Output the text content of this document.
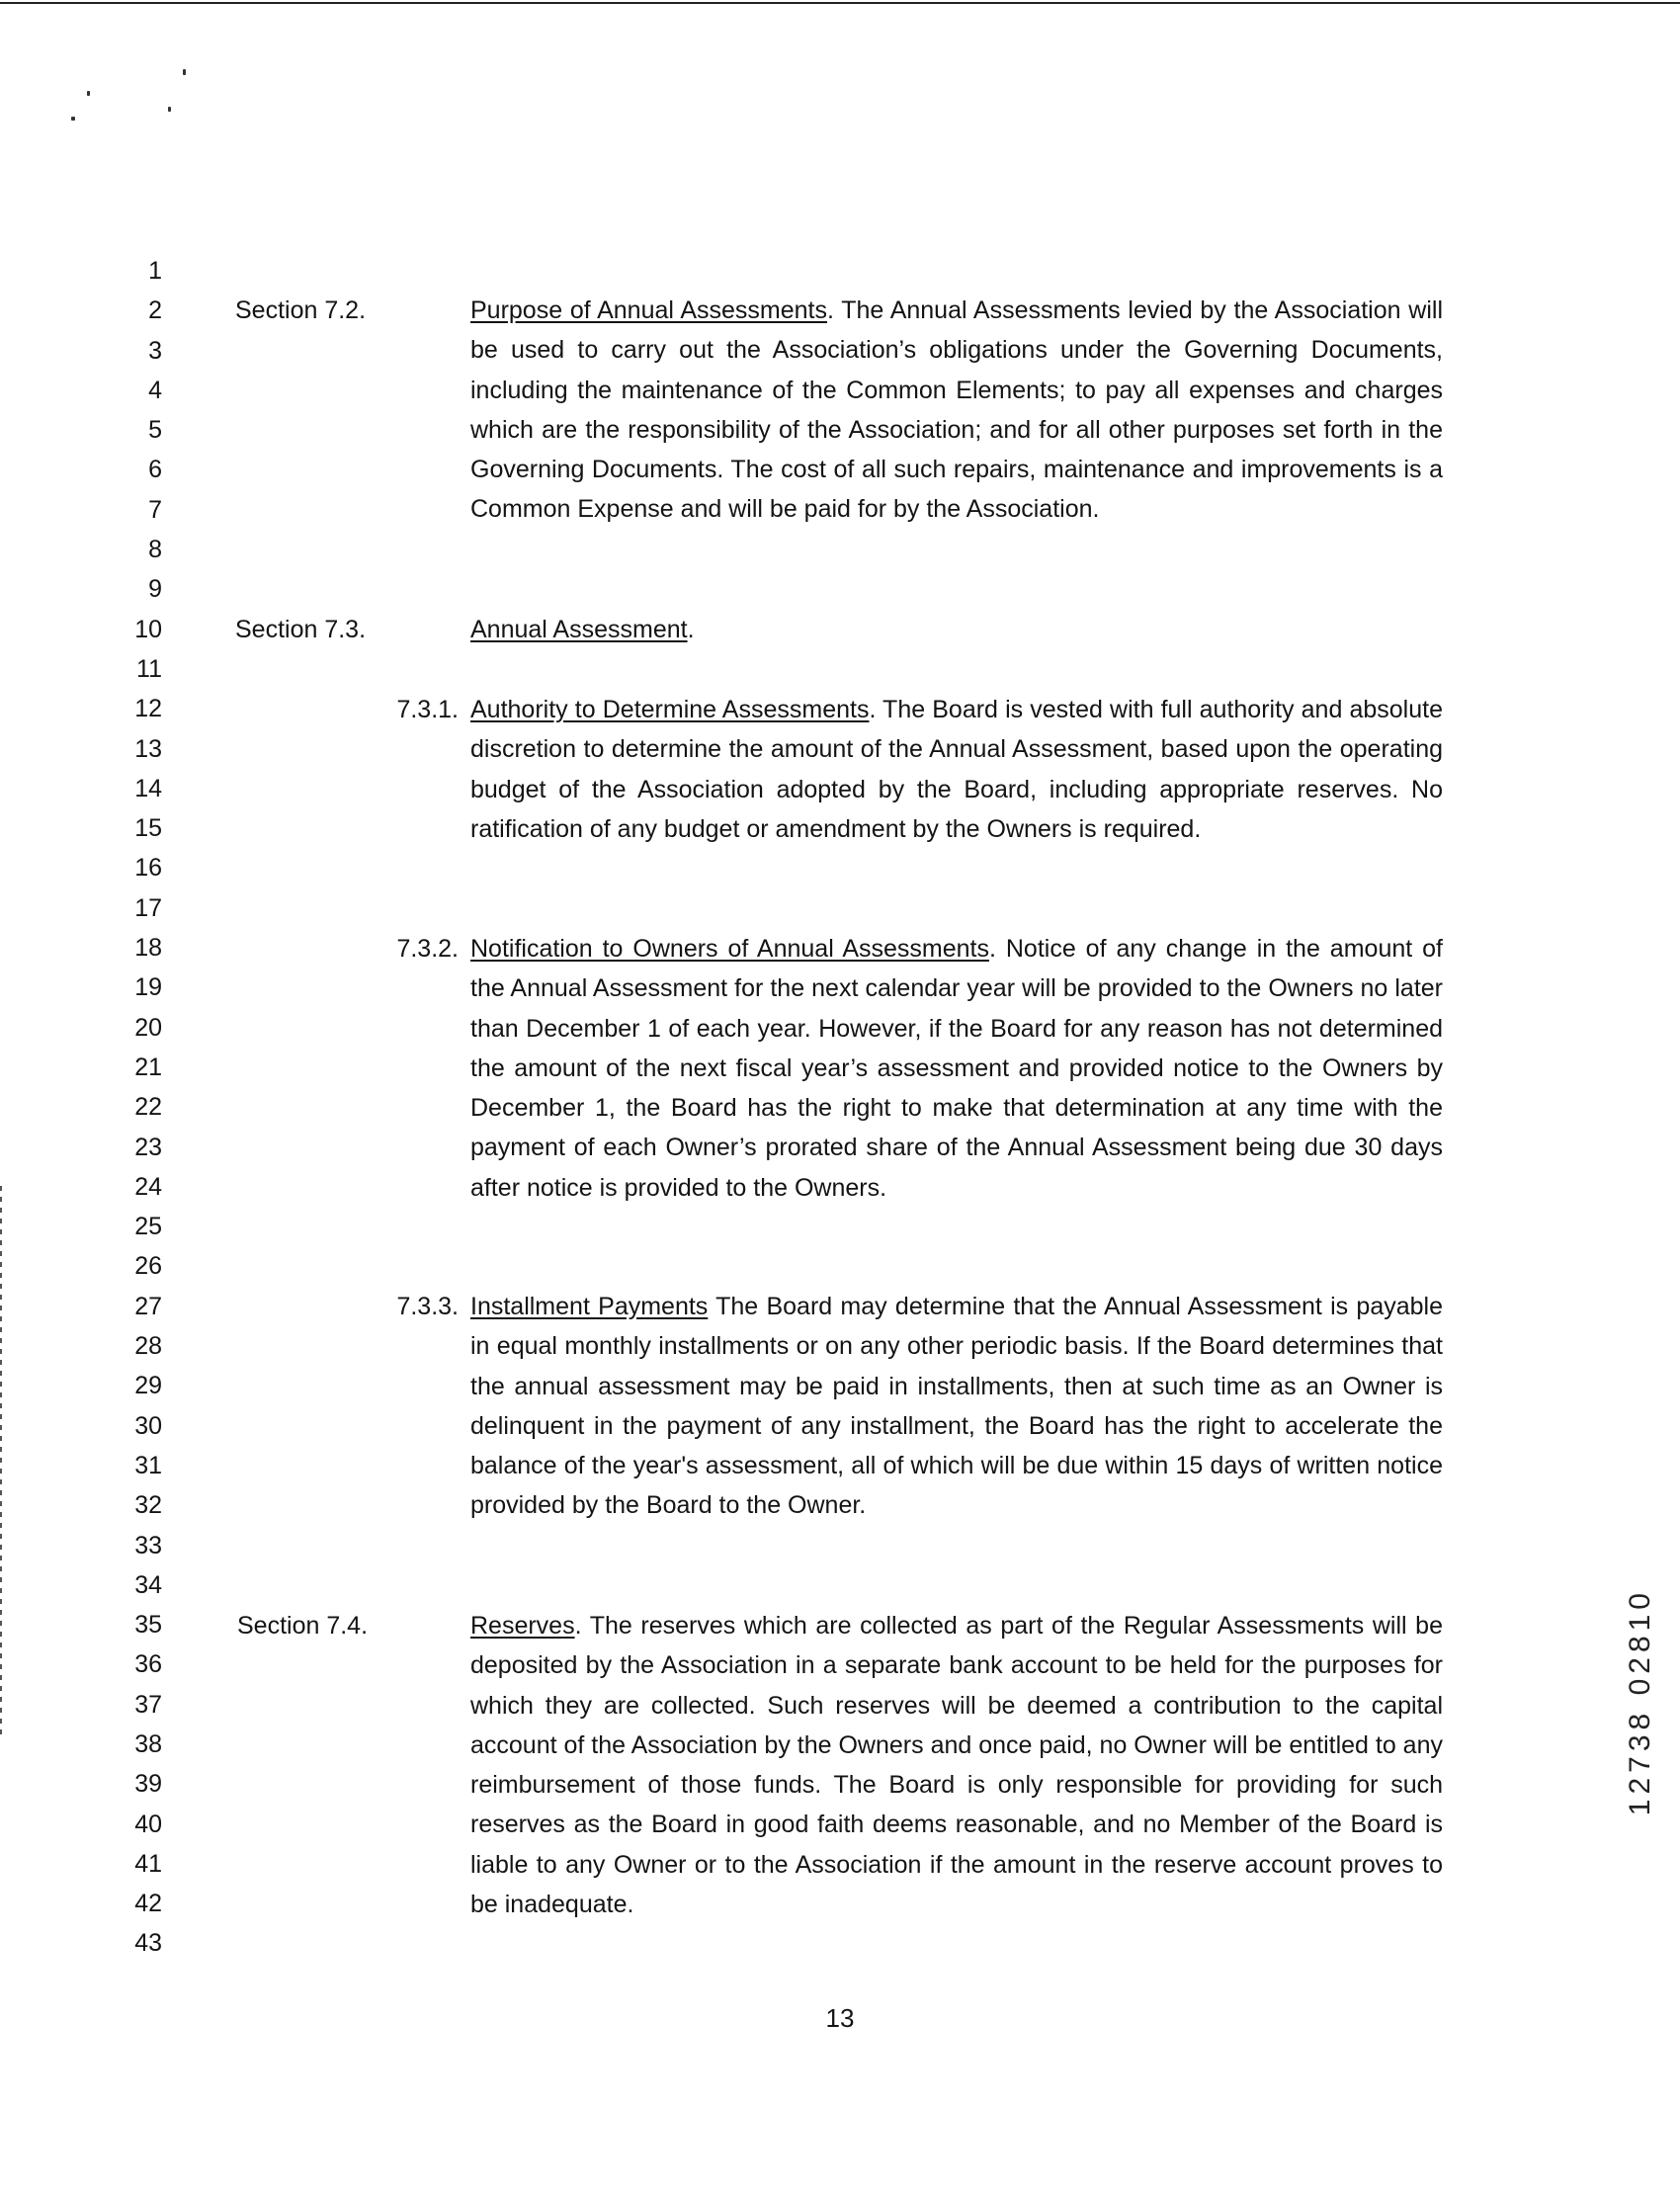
1
2
3
4
5
6
7
8
9
10
11
12
13
14
15
16
17
18
19
20
21
22
23
24
25
26
27
28
29
30
31
32
33
34
35
36
37
38
39
40
41
42
43
Section 7.2.	Purpose of Annual Assessments. The Annual Assessments levied by the Association will be used to carry out the Association’s obligations under the Governing Documents, including the maintenance of the Common Elements; to pay all expenses and charges which are the responsibility of the Association; and for all other purposes set forth in the Governing Documents. The cost of all such repairs, maintenance and improvements is a Common Expense and will be paid for by the Association.

Section 7.3.	Annual Assessment.

7.3.1. Authority to Determine Assessments. The Board is vested with full authority and absolute discretion to determine the amount of the Annual Assessment, based upon the operating budget of the Association adopted by the Board, including appropriate reserves. No ratification of any budget or amendment by the Owners is required.

7.3.2. Notification to Owners of Annual Assessments. Notice of any change in the amount of the Annual Assessment for the next calendar year will be provided to the Owners no later than December 1 of each year. However, if the Board for any reason has not determined the amount of the next fiscal year’s assessment and provided notice to the Owners by December 1, the Board has the right to make that determination at any time with the payment of each Owner’s prorated share of the Annual Assessment being due 30 days after notice is provided to the Owners.

7.3.3. Installment Payments The Board may determine that the Annual Assessment is payable in equal monthly installments or on any other periodic basis. If the Board determines that the annual assessment may be paid in installments, then at such time as an Owner is delinquent in the payment of any installment, the Board has the right to accelerate the balance of the year's assessment, all of which will be due within 15 days of written notice provided by the Board to the Owner.

Section 7.4.	Reserves. The reserves which are collected as part of the Regular Assessments will be deposited by the Association in a separate bank account to be held for the purposes for which they are collected. Such reserves will be deemed a contribution to the capital account of the Association by the Owners and once paid, no Owner will be entitled to any reimbursement of those funds. The Board is only responsible for providing for such reserves as the Board in good faith deems reasonable, and no Member of the Board is liable to any Owner or to the Association if the amount in the reserve account proves to be inadequate.

13
12738 02810
